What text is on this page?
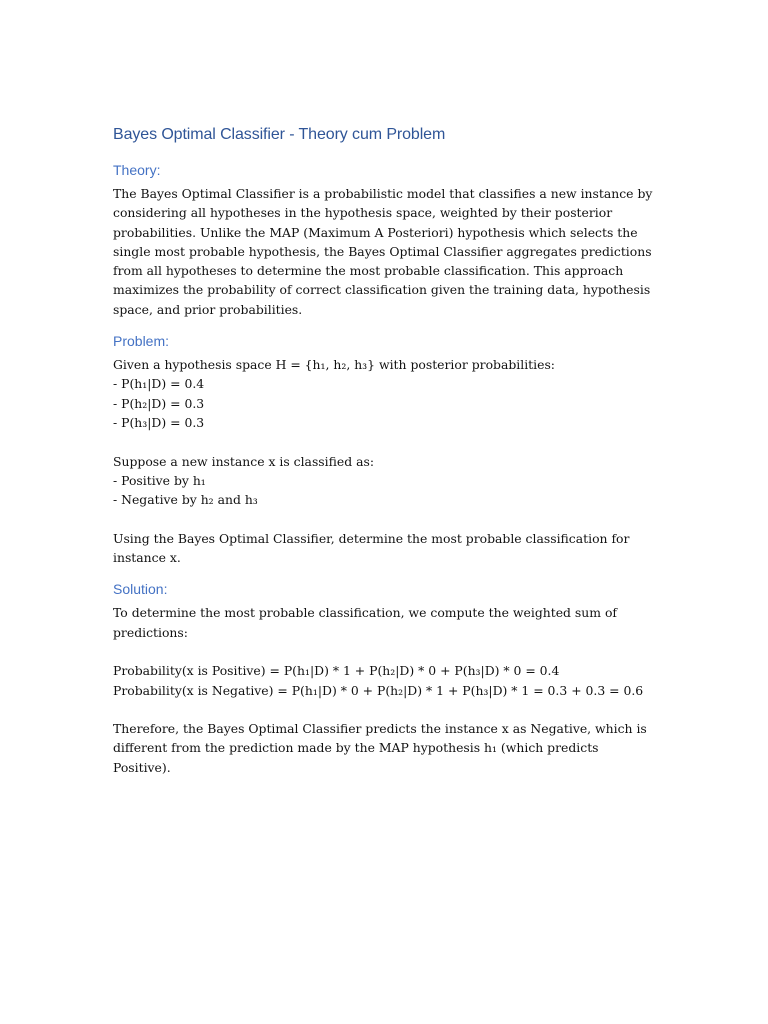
Bayes Optimal Classifier - Theory cum Problem
Theory:

The Bayes Optimal Classifier is a probabilistic model that classifies a new instance by considering all hypotheses in the hypothesis space, weighted by their posterior probabilities. Unlike the MAP (Maximum A Posteriori) hypothesis which selects the single most probable hypothesis, the Bayes Optimal Classifier aggregates predictions from all hypotheses to determine the most probable classification. This approach maximizes the probability of correct classification given the training data, hypothesis space, and prior probabilities.

Problem:
Given a hypothesis space H = {h₁, h₂, h₃} with posterior probabilities:
- P(h₁|D) = 0.4
- P(h₂|D) = 0.3
- P(h₃|D) = 0.3
Suppose a new instance x is classified as:
- Positive by h₁
- Negative by h₂ and h₃

Using the Bayes Optimal Classifier, determine the most probable classification for instance x.

Solution:

To determine the most probable classification, we compute the weighted sum of predictions:

Probability(x is Positive) = P(h₁|D) * 1 + P(h₂|D) * 0 + P(h₃|D) * 0 = 0.4
Probability(x is Negative) = P(h₁|D) * 0 + P(h₂|D) * 1 + P(h₃|D) * 1 = 0.3 + 0.3 = 0.6

Therefore, the Bayes Optimal Classifier predicts the instance x as Negative, which is different from the prediction made by the MAP hypothesis h₁ (which predicts Positive).
